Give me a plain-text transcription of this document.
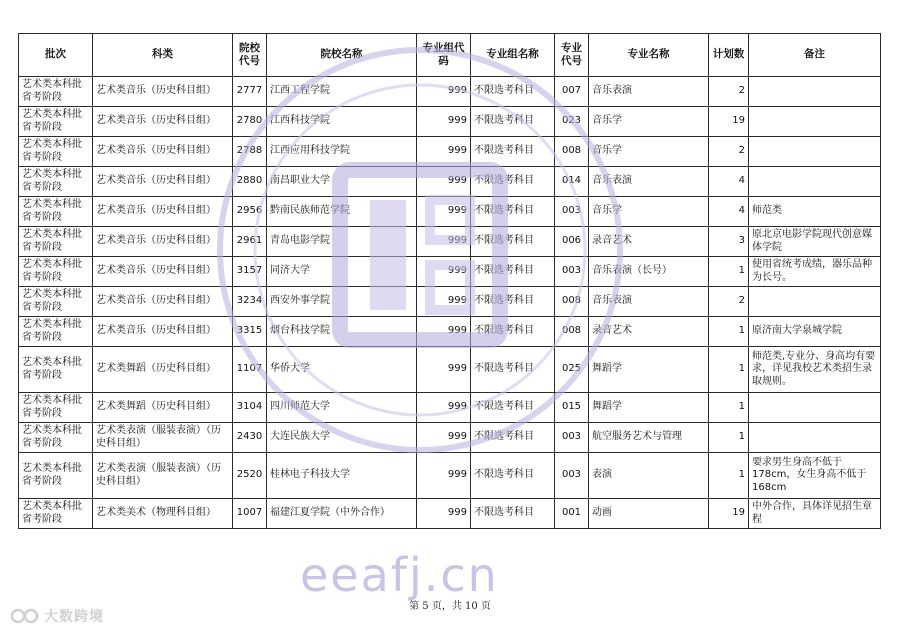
eeafj.cn
批次	科类	院校代号	院校名称	专业组代码	专业组名称	专业代号	专业名称	计划数	备注
艺术类本科批省考阶段	艺术类音乐（历史科目组）	2777	江西工程学院	999	不限选考科目	007	音乐表演	2	
艺术类本科批省考阶段	艺术类音乐（历史科目组）	2780	江西科技学院	999	不限选考科目	023	音乐学	19	
艺术类本科批省考阶段	艺术类音乐（历史科目组）	2788	江西应用科技学院	999	不限选考科目	008	音乐学	2	
艺术类本科批省考阶段	艺术类音乐（历史科目组）	2880	南昌职业大学	999	不限选考科目	014	音乐表演	4	
艺术类本科批省考阶段	艺术类音乐（历史科目组）	2956	黔南民族师范学院	999	不限选考科目	003	音乐学	4	师范类
艺术类本科批省考阶段	艺术类音乐（历史科目组）	2961	青岛电影学院	999	不限选考科目	006	录音艺术	3	原北京电影学院现代创意媒体学院
艺术类本科批省考阶段	艺术类音乐（历史科目组）	3157	同济大学	999	不限选考科目	003	音乐表演（长号）	1	使用省统考成绩，器乐品种为长号。
艺术类本科批省考阶段	艺术类音乐（历史科目组）	3234	西安外事学院	999	不限选考科目	008	音乐表演	2	
艺术类本科批省考阶段	艺术类音乐（历史科目组）	3315	烟台科技学院	999	不限选考科目	008	录音艺术	1	原济南大学泉城学院
艺术类本科批省考阶段	艺术类舞蹈（历史科目组）	1107	华侨大学	999	不限选考科目	025	舞蹈学	1	师范类,专业分、身高均有要求，详见我校艺术类招生录取规则。
艺术类本科批省考阶段	艺术类舞蹈（历史科目组）	3104	四川师范大学	999	不限选考科目	015	舞蹈学	1	
艺术类本科批省考阶段	艺术类表演（服装表演）（历史科目组）	2430	大连民族大学	999	不限选考科目	003	航空服务艺术与管理	1	
艺术类本科批省考阶段	艺术类表演（服装表演）（历史科目组）	2520	桂林电子科技大学	999	不限选考科目	003	表演	1	要求男生身高不低于178cm，女生身高不低于168cm
艺术类本科批省考阶段	艺术类美术（物理科目组）	1007	福建江夏学院（中外合作）	999	不限选考科目	001	动画	19	中外合作，具体详见招生章程
第 5 页，共 10 页
大数跨境
